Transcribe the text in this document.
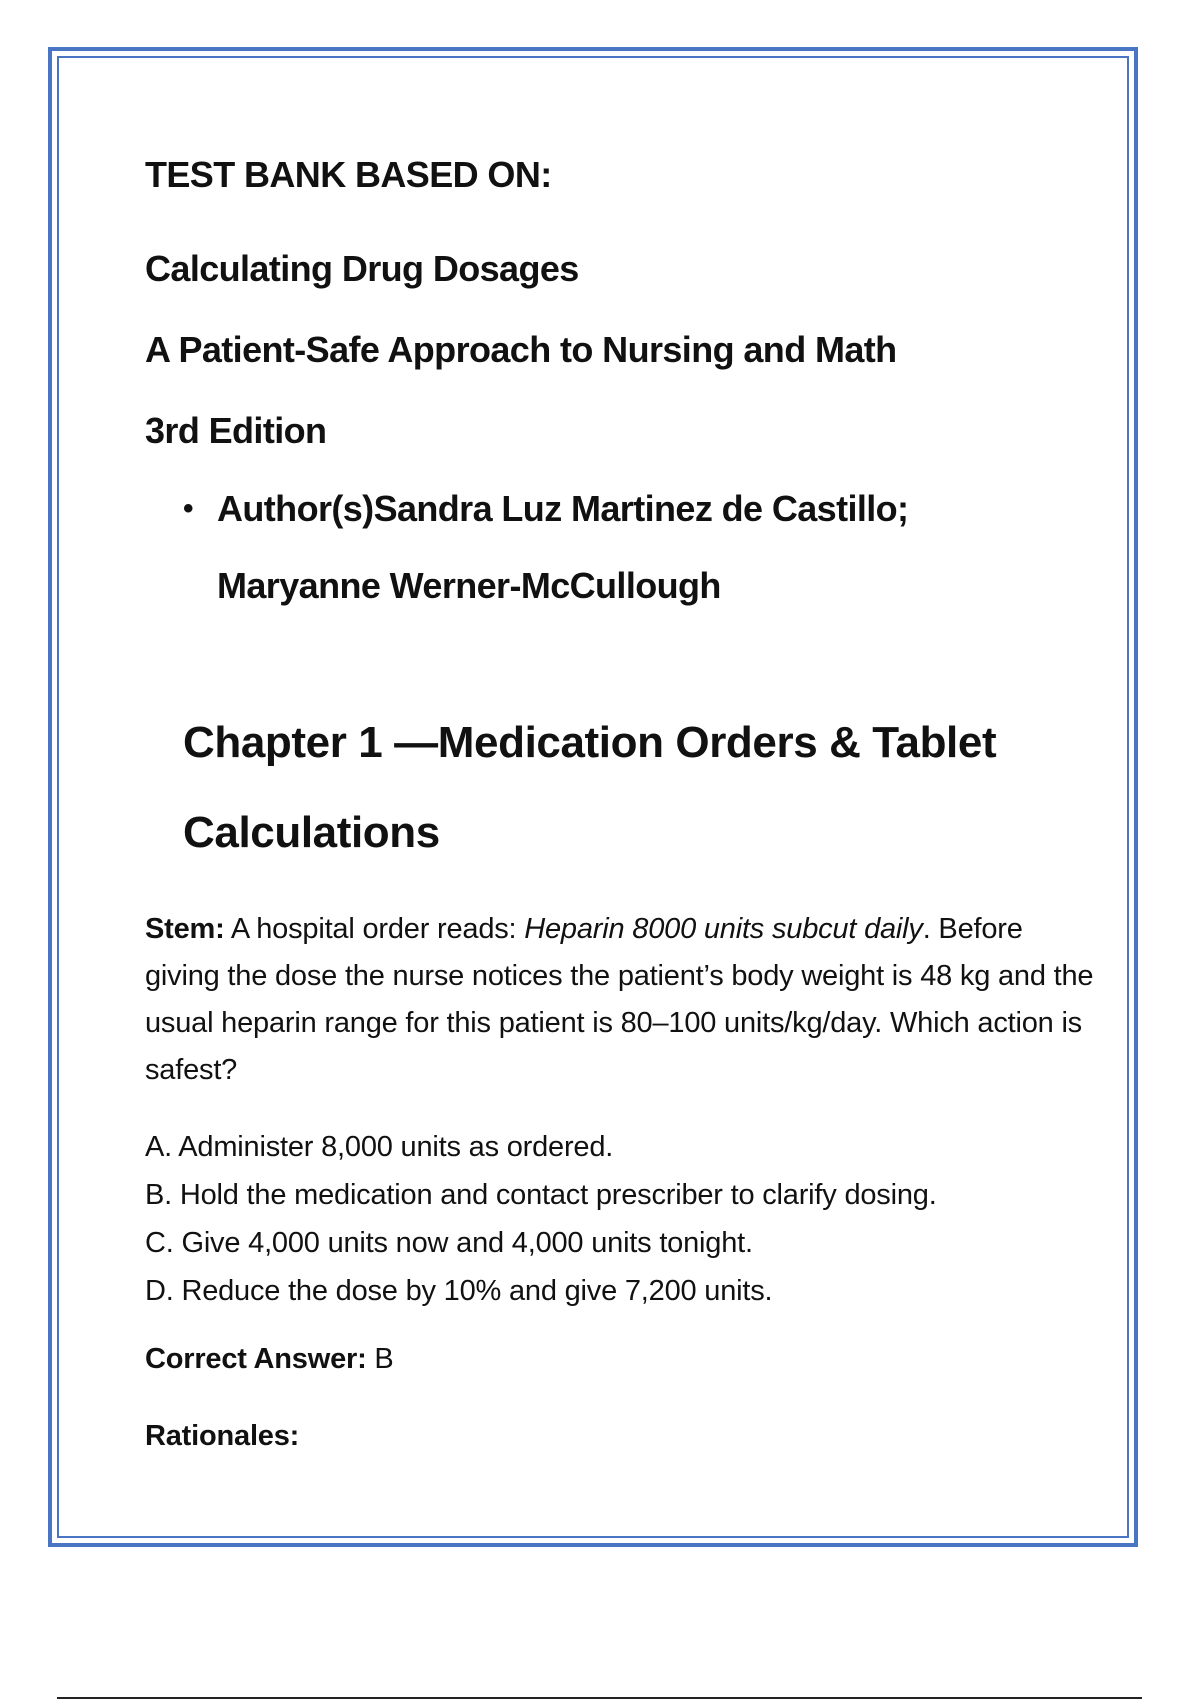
TEST BANK BASED ON:

Calculating Drug Dosages

A Patient-Safe Approach to Nursing and Math

3rd Edition

• Author(s)Sandra Luz Martinez de Castillo;
Maryanne Werner-McCullough
Chapter 1 —Medication Orders & Tablet Calculations

Stem: A hospital order reads: Heparin 8000 units subcut daily. Before giving the dose the nurse notices the patient’s body weight is 48 kg and the usual heparin range for this patient is 80–100 units/kg/day. Which action is safest?

A. Administer 8,000 units as ordered.
B. Hold the medication and contact prescriber to clarify dosing.
C. Give 4,000 units now and 4,000 units tonight.
D. Reduce the dose by 10% and give 7,200 units.

Correct Answer: B

Rationales:
